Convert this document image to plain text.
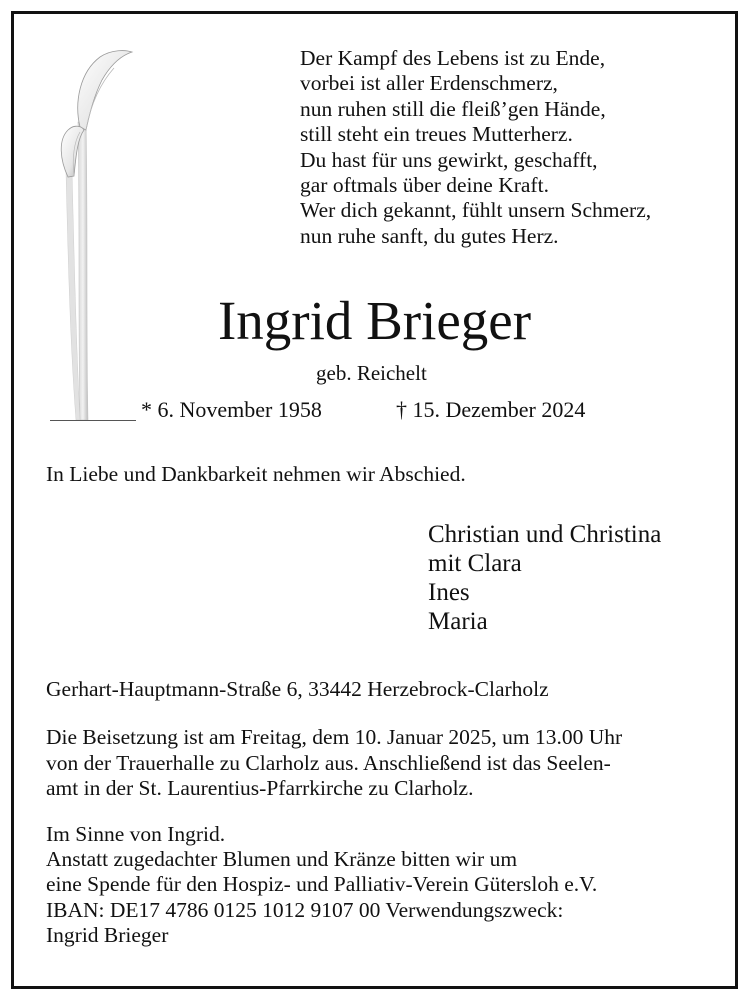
Der Kampf des Lebens ist zu Ende,
vorbei ist aller Erdenschmerz,
nun ruhen still die fleiß’gen Hände,
still steht ein treues Mutterherz.
Du hast für uns gewirkt, geschafft,
gar oftmals über deine Kraft.
Wer dich gekannt, fühlt unsern Schmerz,
nun ruhe sanft, du gutes Herz.
Ingrid Brieger
geb. Reichelt
* 6. November 1958	† 15. Dezember 2024
In Liebe und Dankbarkeit nehmen wir Abschied.
Christian und Christina
mit Clara
Ines
Maria
Gerhart-Hauptmann-Straße 6, 33442 Herzebrock-Clarholz
Die Beisetzung ist am Freitag, dem 10. Januar 2025, um 13.00 Uhr
von der Trauerhalle zu Clarholz aus. Anschließend ist das Seelen-
amt in der St. Laurentius-Pfarrkirche zu Clarholz.
Im Sinne von Ingrid.
Anstatt zugedachter Blumen und Kränze bitten wir um
eine Spende für den Hospiz- und Palliativ-Verein Gütersloh e.V.
IBAN: DE17 4786 0125 1012 9107 00 Verwendungszweck:
Ingrid Brieger
